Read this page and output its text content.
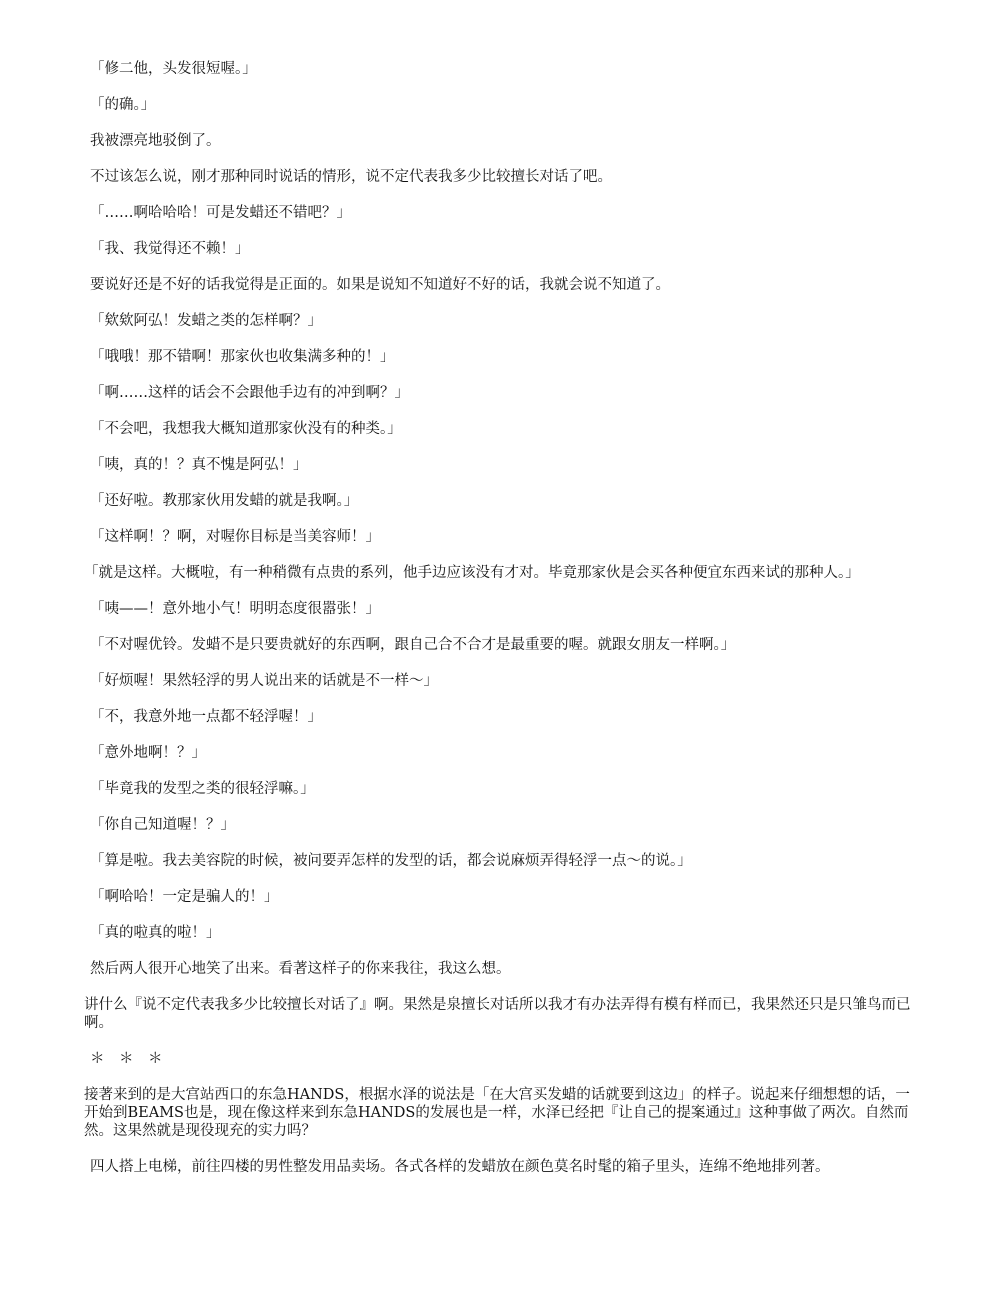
「修二他，头发很短喔。」

「的确。」

我被漂亮地驳倒了。

不过该怎么说，刚才那种同时说话的情形，说不定代表我多少比较擅长对话了吧。

「……啊哈哈哈！可是发蜡还不错吧？」

「我、我觉得还不赖！」

要说好还是不好的话我觉得是正面的。如果是说知不知道好不好的话，我就会说不知道了。

「欸欸阿弘！发蜡之类的怎样啊？」

「哦哦！那不错啊！那家伙也收集满多种的！」

「啊……这样的话会不会跟他手边有的冲到啊？」

「不会吧，我想我大概知道那家伙没有的种类。」

「咦，真的！？真不愧是阿弘！」

「还好啦。教那家伙用发蜡的就是我啊。」

「这样啊！？啊，对喔你目标是当美容师！」

「就是这样。大概啦，有一种稍微有点贵的系列，他手边应该没有才对。毕竟那家伙是会买各种便宜东西来试的那种人。」

「咦——！意外地小气！明明态度很嚣张！」

「不对喔优铃。发蜡不是只要贵就好的东西啊，跟自己合不合才是最重要的喔。就跟女朋友一样啊。」

「好烦喔！果然轻浮的男人说出来的话就是不一样～」

「不，我意外地一点都不轻浮喔！」

「意外地啊！？」

「毕竟我的发型之类的很轻浮嘛。」

「你自己知道喔！？」

「算是啦。我去美容院的时候，被问要弄怎样的发型的话，都会说麻烦弄得轻浮一点～的说。」

「啊哈哈！一定是骗人的！」

「真的啦真的啦！」

然后两人很开心地笑了出来。看著这样子的你来我往，我这么想。

讲什么『说不定代表我多少比较擅长对话了』啊。果然是泉擅长对话所以我才有办法弄得有模有样而已，我果然还只是只雏鸟而已啊。

＊　＊　＊

接著来到的是大宫站西口的东急HANDS，根据水泽的说法是「在大宫买发蜡的话就要到这边」的样子。说起来仔细想想的话，一开始到BEAMS也是，现在像这样来到东急HANDS的发展也是一样，水泽已经把『让自己的提案通过』这种事做了两次。自然而然。这果然就是现役现充的实力吗？

四人搭上电梯，前往四楼的男性整发用品卖场。各式各样的发蜡放在颜色莫名时髦的箱子里头，连绵不绝地排列著。
